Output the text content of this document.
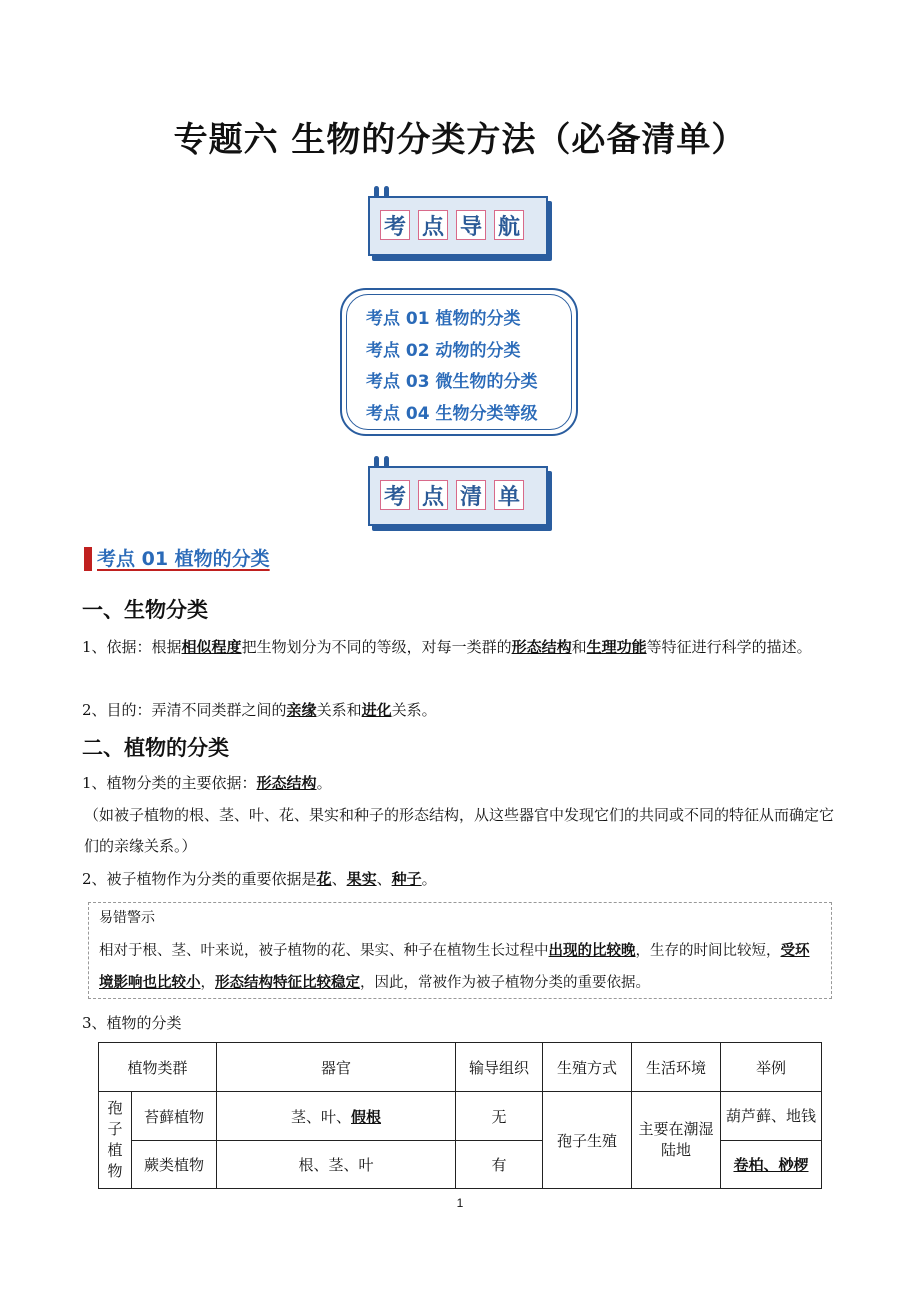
专题六 生物的分类方法（必备清单）
考 点 导 航
考点 01 植物的分类
考点 02 动物的分类
考点 03 微生物的分类
考点 04 生物分类等级
考 点 清 单
考点 01 植物的分类
一、生物分类
1、依据：根据相似程度把生物划分为不同的等级，对每一类群的形态结构和生理功能等特征进行科学的描述。
2、目的：弄清不同类群之间的亲缘关系和进化关系。
二、植物的分类
1、植物分类的主要依据：形态结构。
（如被子植物的根、茎、叶、花、果实和种子的形态结构，从这些器官中发现它们的共同或不同的特征从而确定它们的亲缘关系。）
2、被子植物作为分类的重要依据是花、果实、种子。
易错警示
相对于根、茎、叶来说，被子植物的花、果实、种子在植物生长过程中出现的比较晚，生存的时间比较短，受环境影响也比较小，形态结构特征比较稳定，因此，常被作为被子植物分类的重要依据。
3、植物的分类
植物类群		器官	输导组织	生殖方式	生活环境	举例
孢子植物	苔藓植物	茎、叶、假根	无	孢子生殖	主要在潮湿陆地	葫芦藓、地钱
	蕨类植物	根、茎、叶	有			卷柏、桫椤
1
